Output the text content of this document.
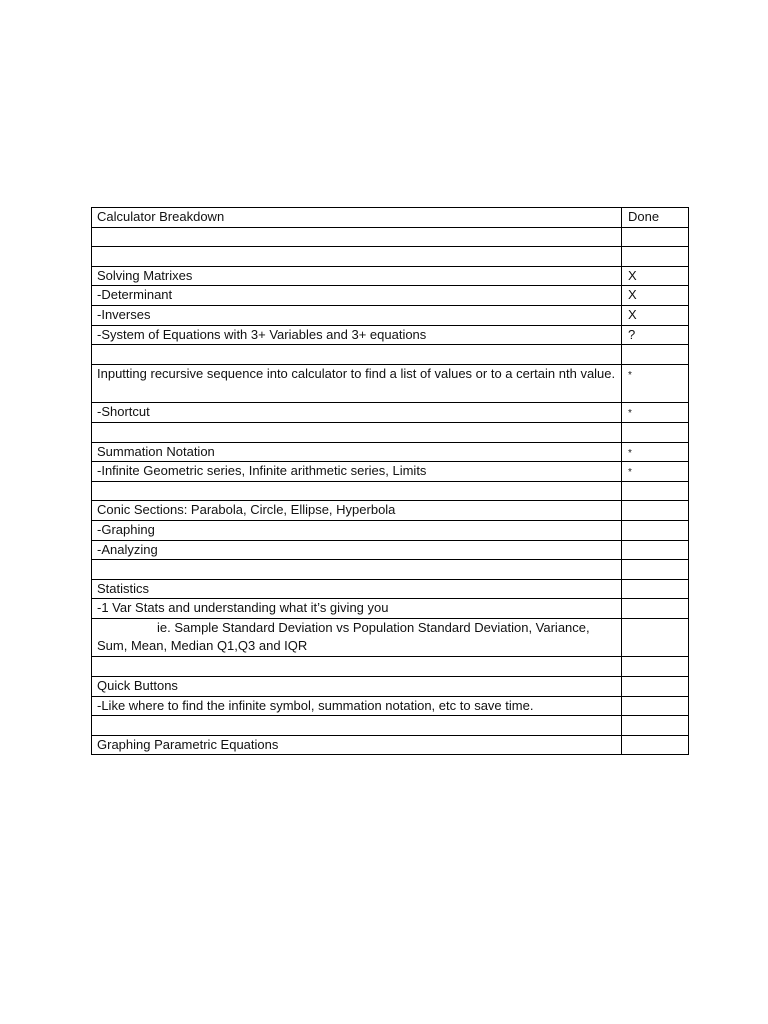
Calculator Breakdown	Done

Solving Matrixes	X
-Determinant	X
-Inverses	X
-System of Equations with 3+ Variables and 3+ equations	?

Inputting recursive sequence into calculator to find a list of values or to a certain nth value.	*
-Shortcut	*

Summation Notation	*
-Infinite Geometric series, Infinite arithmetic series, Limits	*

Conic Sections: Parabola, Circle, Ellipse, Hyperbola	
-Graphing	
-Analyzing	

Statistics	
-1 Var Stats and understanding what it’s giving you	
ie. Sample Standard Deviation vs Population Standard Deviation, Variance, Sum, Mean, Median Q1,Q3 and IQR	

Quick Buttons	
-Like where to find the infinite symbol, summation notation, etc to save time.	

Graphing Parametric Equations	
